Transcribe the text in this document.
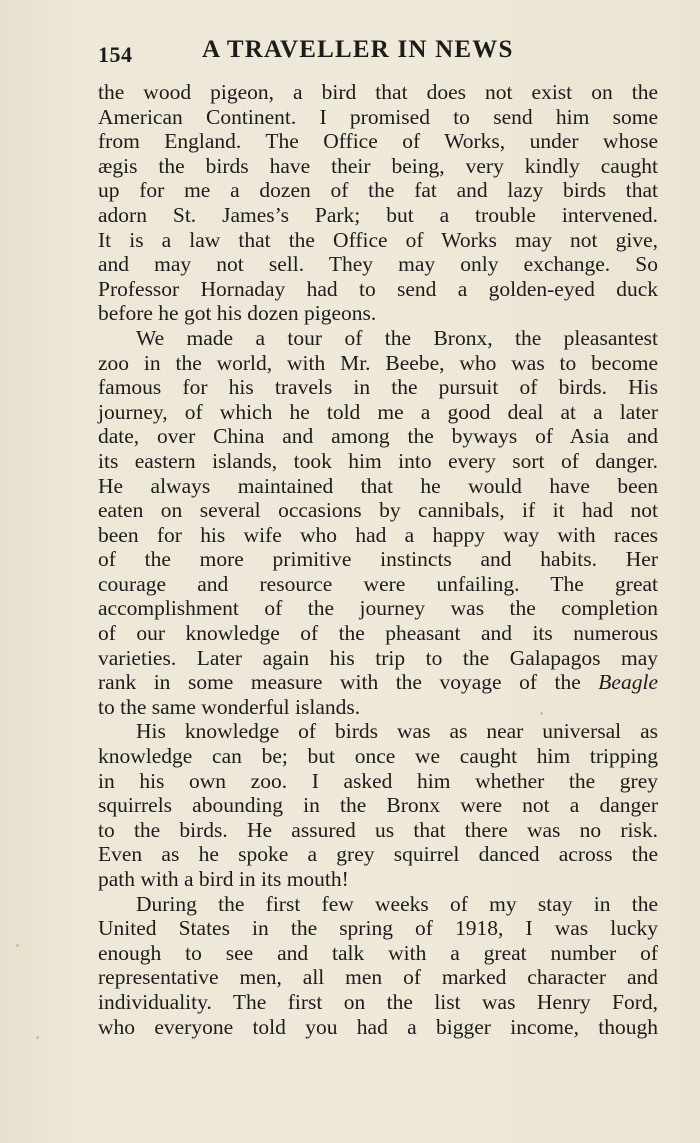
154	A TRAVELLER IN NEWS
the wood pigeon, a bird that does not exist on the
American Continent. I promised to send him some
from England. The Office of Works, under whose
ægis the birds have their being, very kindly caught
up for me a dozen of the fat and lazy birds that
adorn St. James’s Park; but a trouble intervened.
It is a law that the Office of Works may not give,
and may not sell. They may only exchange. So
Professor Hornaday had to send a golden-eyed duck
before he got his dozen pigeons.
We made a tour of the Bronx, the pleasantest
zoo in the world, with Mr. Beebe, who was to become
famous for his travels in the pursuit of birds. His
journey, of which he told me a good deal at a later
date, over China and among the byways of Asia and
its eastern islands, took him into every sort of danger.
He always maintained that he would have been
eaten on several occasions by cannibals, if it had not
been for his wife who had a happy way with races
of the more primitive instincts and habits. Her
courage and resource were unfailing. The great
accomplishment of the journey was the completion
of our knowledge of the pheasant and its numerous
varieties. Later again his trip to the Galapagos may
rank in some measure with the voyage of the Beagle
to the same wonderful islands.
His knowledge of birds was as near universal as
knowledge can be; but once we caught him tripping
in his own zoo. I asked him whether the grey
squirrels abounding in the Bronx were not a danger
to the birds. He assured us that there was no risk.
Even as he spoke a grey squirrel danced across the
path with a bird in its mouth!
During the first few weeks of my stay in the
United States in the spring of 1918, I was lucky
enough to see and talk with a great number of
representative men, all men of marked character and
individuality. The first on the list was Henry Ford,
who everyone told you had a bigger income, though
